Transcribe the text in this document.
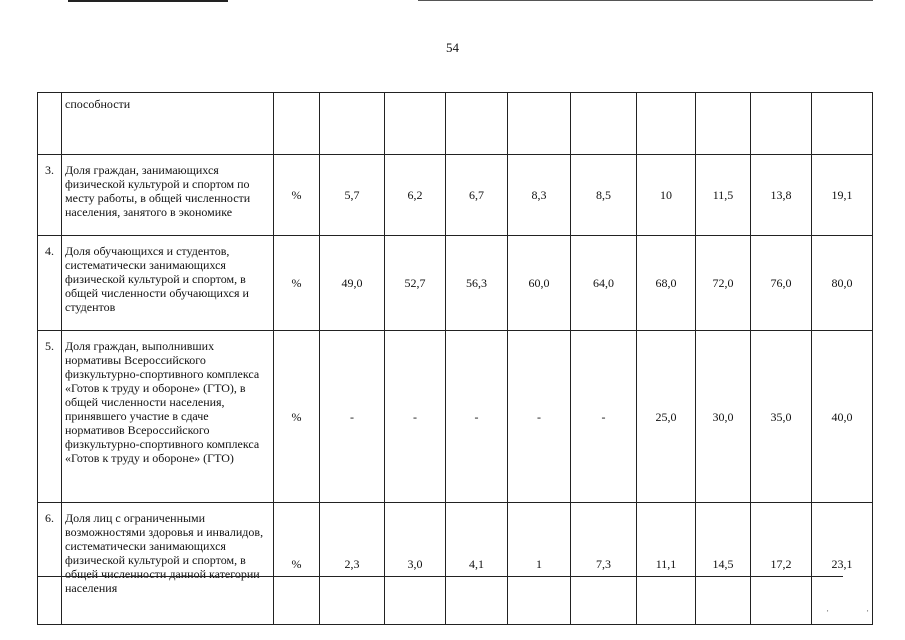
54
	способности										
3.	Доля граждан, занимающихся физической культурой и спортом по месту работы, в общей численности населения, занятого в экономике	%	5,7	6,2	6,7	8,3	8,5	10	11,5	13,8	19,1
4.	Доля обучающихся и студентов, систематически занимающихся физической культурой и спортом, в общей численности обучающихся и студентов	%	49,0	52,7	56,3	60,0	64,0	68,0	72,0	76,0	80,0
5.	Доля граждан, выполнивших нормативы Всероссийского физкультурно-спортивного комплекса «Готов к труду и обороне» (ГТО), в общей численности населения, принявшего участие в сдаче нормативов Всероссийского физкультурно-спортивного комплекса «Готов к труду и обороне» (ГТО)	%	-	-	-	-	-	25,0	30,0	35,0	40,0
6.	Доля лиц с ограниченными возможностями здоровья и инвалидов, систематически занимающихся физической культурой и спортом, в общей численности данной категории населения	%	2,3	3,0	4,1	1	7,3	11,1	14,5	17,2	23,1
⋅	⋅
